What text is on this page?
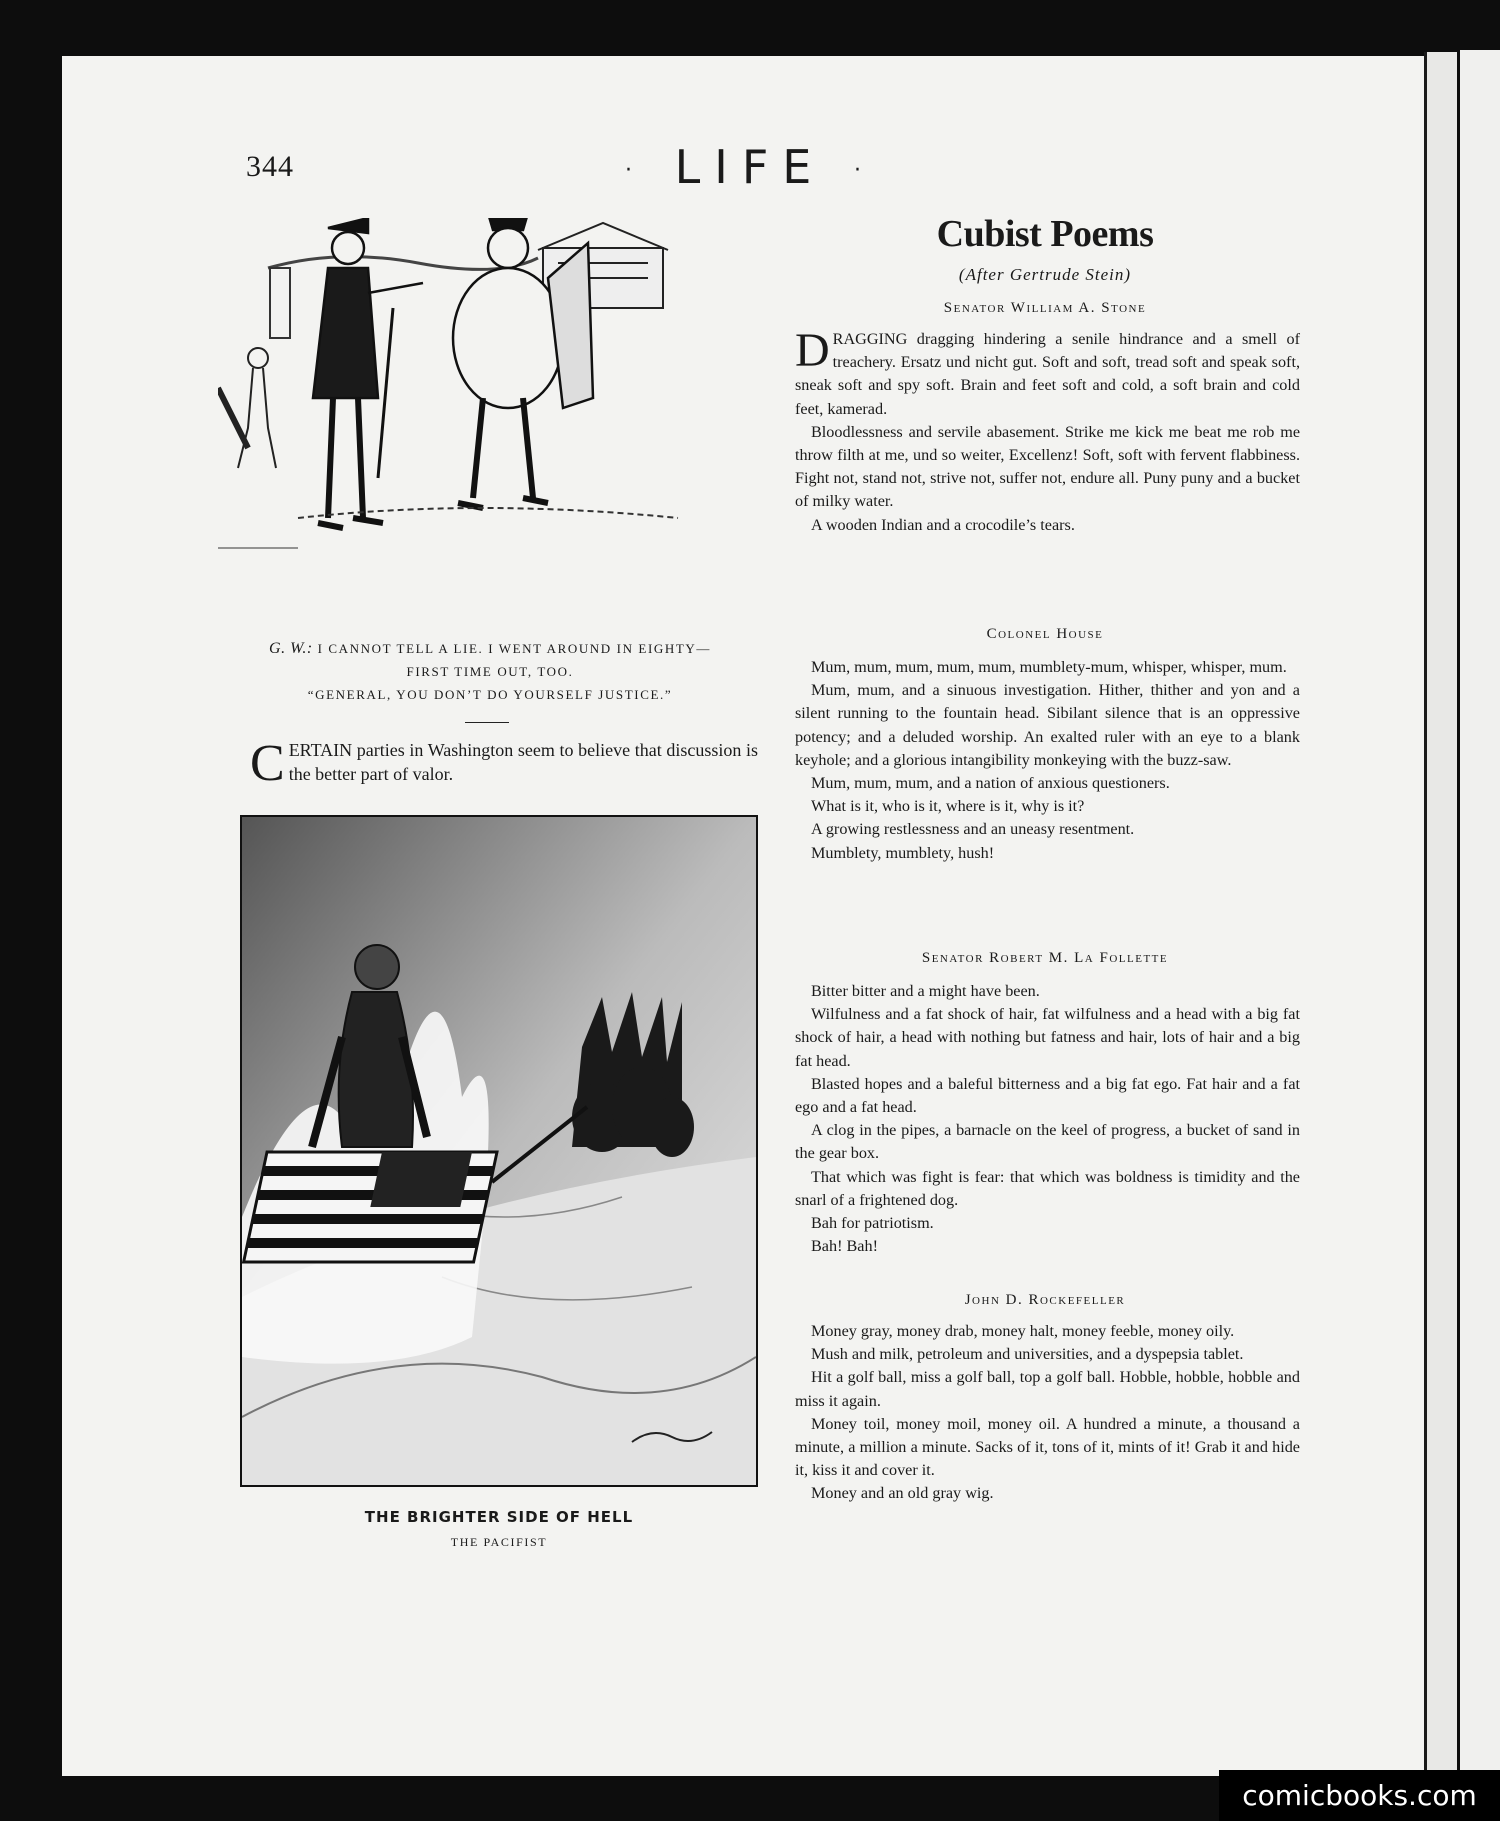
344	· LIFE ·
G. W.: I CANNOT TELL A LIE. I WENT AROUND IN EIGHTY—
FIRST TIME OUT, TOO.
“GENERAL, YOU DON’T DO YOURSELF JUSTICE.”
CERTAIN parties in Washington seem to believe that discussion is the better part of valor.
THE BRIGHTER SIDE OF HELL
THE PACIFIST
Cubist Poems
(After Gertrude Stein)
Senator William A. Stone

DRAGGING dragging hindering a senile hindrance and a smell of treachery. Ersatz und nicht gut. Soft and soft, tread soft and speak soft, sneak soft and spy soft. Brain and feet soft and cold, a soft brain and cold feet, kamerad.

Bloodlessness and servile abasement. Strike me kick me beat me rob me throw filth at me, und so weiter, Excellenz! Soft, soft with fervent flabbiness. Fight not, stand not, strive not, suffer not, endure all. Puny puny and a bucket of milky water.

A wooden Indian and a crocodile’s tears.

Colonel House

Mum, mum, mum, mum, mum, mumblety-mum, whisper, whisper, mum.

Mum, mum, and a sinuous investigation. Hither, thither and yon and a silent running to the fountain head. Sibilant silence that is an oppressive potency; and a deluded worship. An exalted ruler with an eye to a blank keyhole; and a glorious intangibility monkeying with the buzz-saw.

Mum, mum, mum, and a nation of anxious questioners.

What is it, who is it, where is it, why is it?

A growing restlessness and an uneasy resentment.

Mumblety, mumblety, hush!

Senator Robert M. La Follette

Bitter bitter and a might have been.

Wilfulness and a fat shock of hair, fat wilfulness and a head with a big fat shock of hair, a head with nothing but fatness and hair, lots of hair and a big fat head.

Blasted hopes and a baleful bitterness and a big fat ego. Fat hair and a fat ego and a fat head.

A clog in the pipes, a barnacle on the keel of progress, a bucket of sand in the gear box.

That which was fight is fear: that which was boldness is timidity and the snarl of a frightened dog.

Bah for patriotism.

Bah! Bah!

John D. Rockefeller

Money gray, money drab, money halt, money feeble, money oily.

Mush and milk, petroleum and universities, and a dyspepsia tablet.

Hit a golf ball, miss a golf ball, top a golf ball. Hobble, hobble, hobble and miss it again.

Money toil, money moil, money oil. A hundred a minute, a thousand a minute, a million a minute. Sacks of it, tons of it, mints of it! Grab it and hide it, kiss it and cover it.

Money and an old gray wig.

comicbooks.com
